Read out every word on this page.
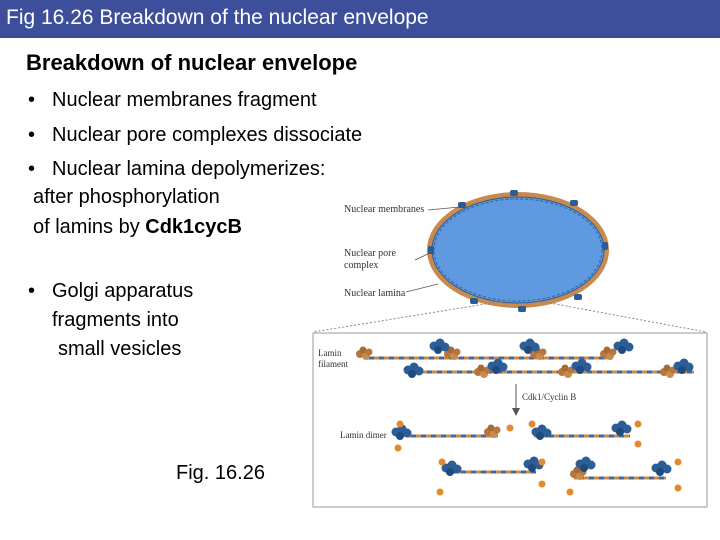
Fig 16.26 Breakdown of the nuclear envelope
Breakdown of nuclear envelope
• Nuclear membranes fragment
• Nuclear pore complexes dissociate
• Nuclear lamina depolymerizes:
after phosphorylation
of lamins by Cdk1cycB
• Golgi apparatus
fragments into
small vesicles
Fig. 16.26
Nuclear membranes
Nuclear pore
complex
Nuclear lamina
Cdk1/Cyclin B
Lamin
filament
Lamin dimer
